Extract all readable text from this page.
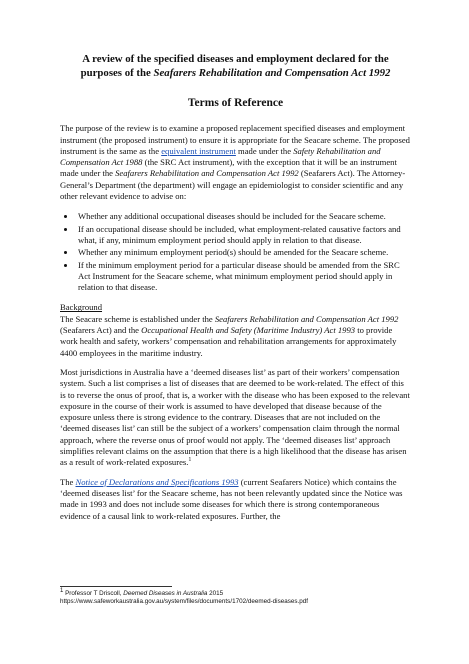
A review of the specified diseases and employment declared for the
purposes of the Seafarers Rehabilitation and Compensation Act 1992

Terms of Reference

The purpose of the review is to examine a proposed replacement specified diseases and employment instrument (the proposed instrument) to ensure it is appropriate for the Seacare scheme. The proposed instrument is the same as the equivalent instrument made under the Safety Rehabilitation and Compensation Act 1988 (the SRC Act instrument), with the exception that it will be an instrument made under the Seafarers Rehabilitation and Compensation Act 1992 (Seafarers Act). The Attorney-General’s Department (the department) will engage an epidemiologist to consider scientific and any other relevant evidence to advise on:

• Whether any additional occupational diseases should be included for the Seacare scheme.
• If an occupational disease should be included, what employment-related causative factors and what, if any, minimum employment period should apply in relation to that disease.
• Whether any minimum employment period(s) should be amended for the Seacare scheme.
• If the minimum employment period for a particular disease should be amended from the SRC Act Instrument for the Seacare scheme, what minimum employment period should apply in relation to that disease.

Background

The Seacare scheme is established under the Seafarers Rehabilitation and Compensation Act 1992 (Seafarers Act) and the Occupational Health and Safety (Maritime Industry) Act 1993 to provide work health and safety, workers’ compensation and rehabilitation arrangements for approximately 4400 employees in the maritime industry.

Most jurisdictions in Australia have a ‘deemed diseases list’ as part of their workers’ compensation system. Such a list comprises a list of diseases that are deemed to be work-related. The effect of this is to reverse the onus of proof, that is, a worker with the disease who has been exposed to the relevant exposure in the course of their work is assumed to have developed that disease because of the exposure unless there is strong evidence to the contrary. Diseases that are not included on the ‘deemed diseases list’ can still be the subject of a workers’ compensation claim through the normal approach, where the reverse onus of proof would not apply. The ‘deemed diseases list’ approach simplifies relevant claims on the assumption that there is a high likelihood that the disease has arisen as a result of work-related exposures.$^1$

The Notice of Declarations and Specifications 1993 (current Seafarers Notice) which contains the ‘deemed diseases list’ for the Seacare scheme, has not been relevantly updated since the Notice was made in 1993 and does not include some diseases for which there is strong contemporaneous evidence of a causal link to work-related exposures. Further, the

$^1$ Professor T Driscoll, Deemed Diseases in Australia 2015
https://www.safeworkaustralia.gov.au/system/files/documents/1702/deemed-diseases.pdf
